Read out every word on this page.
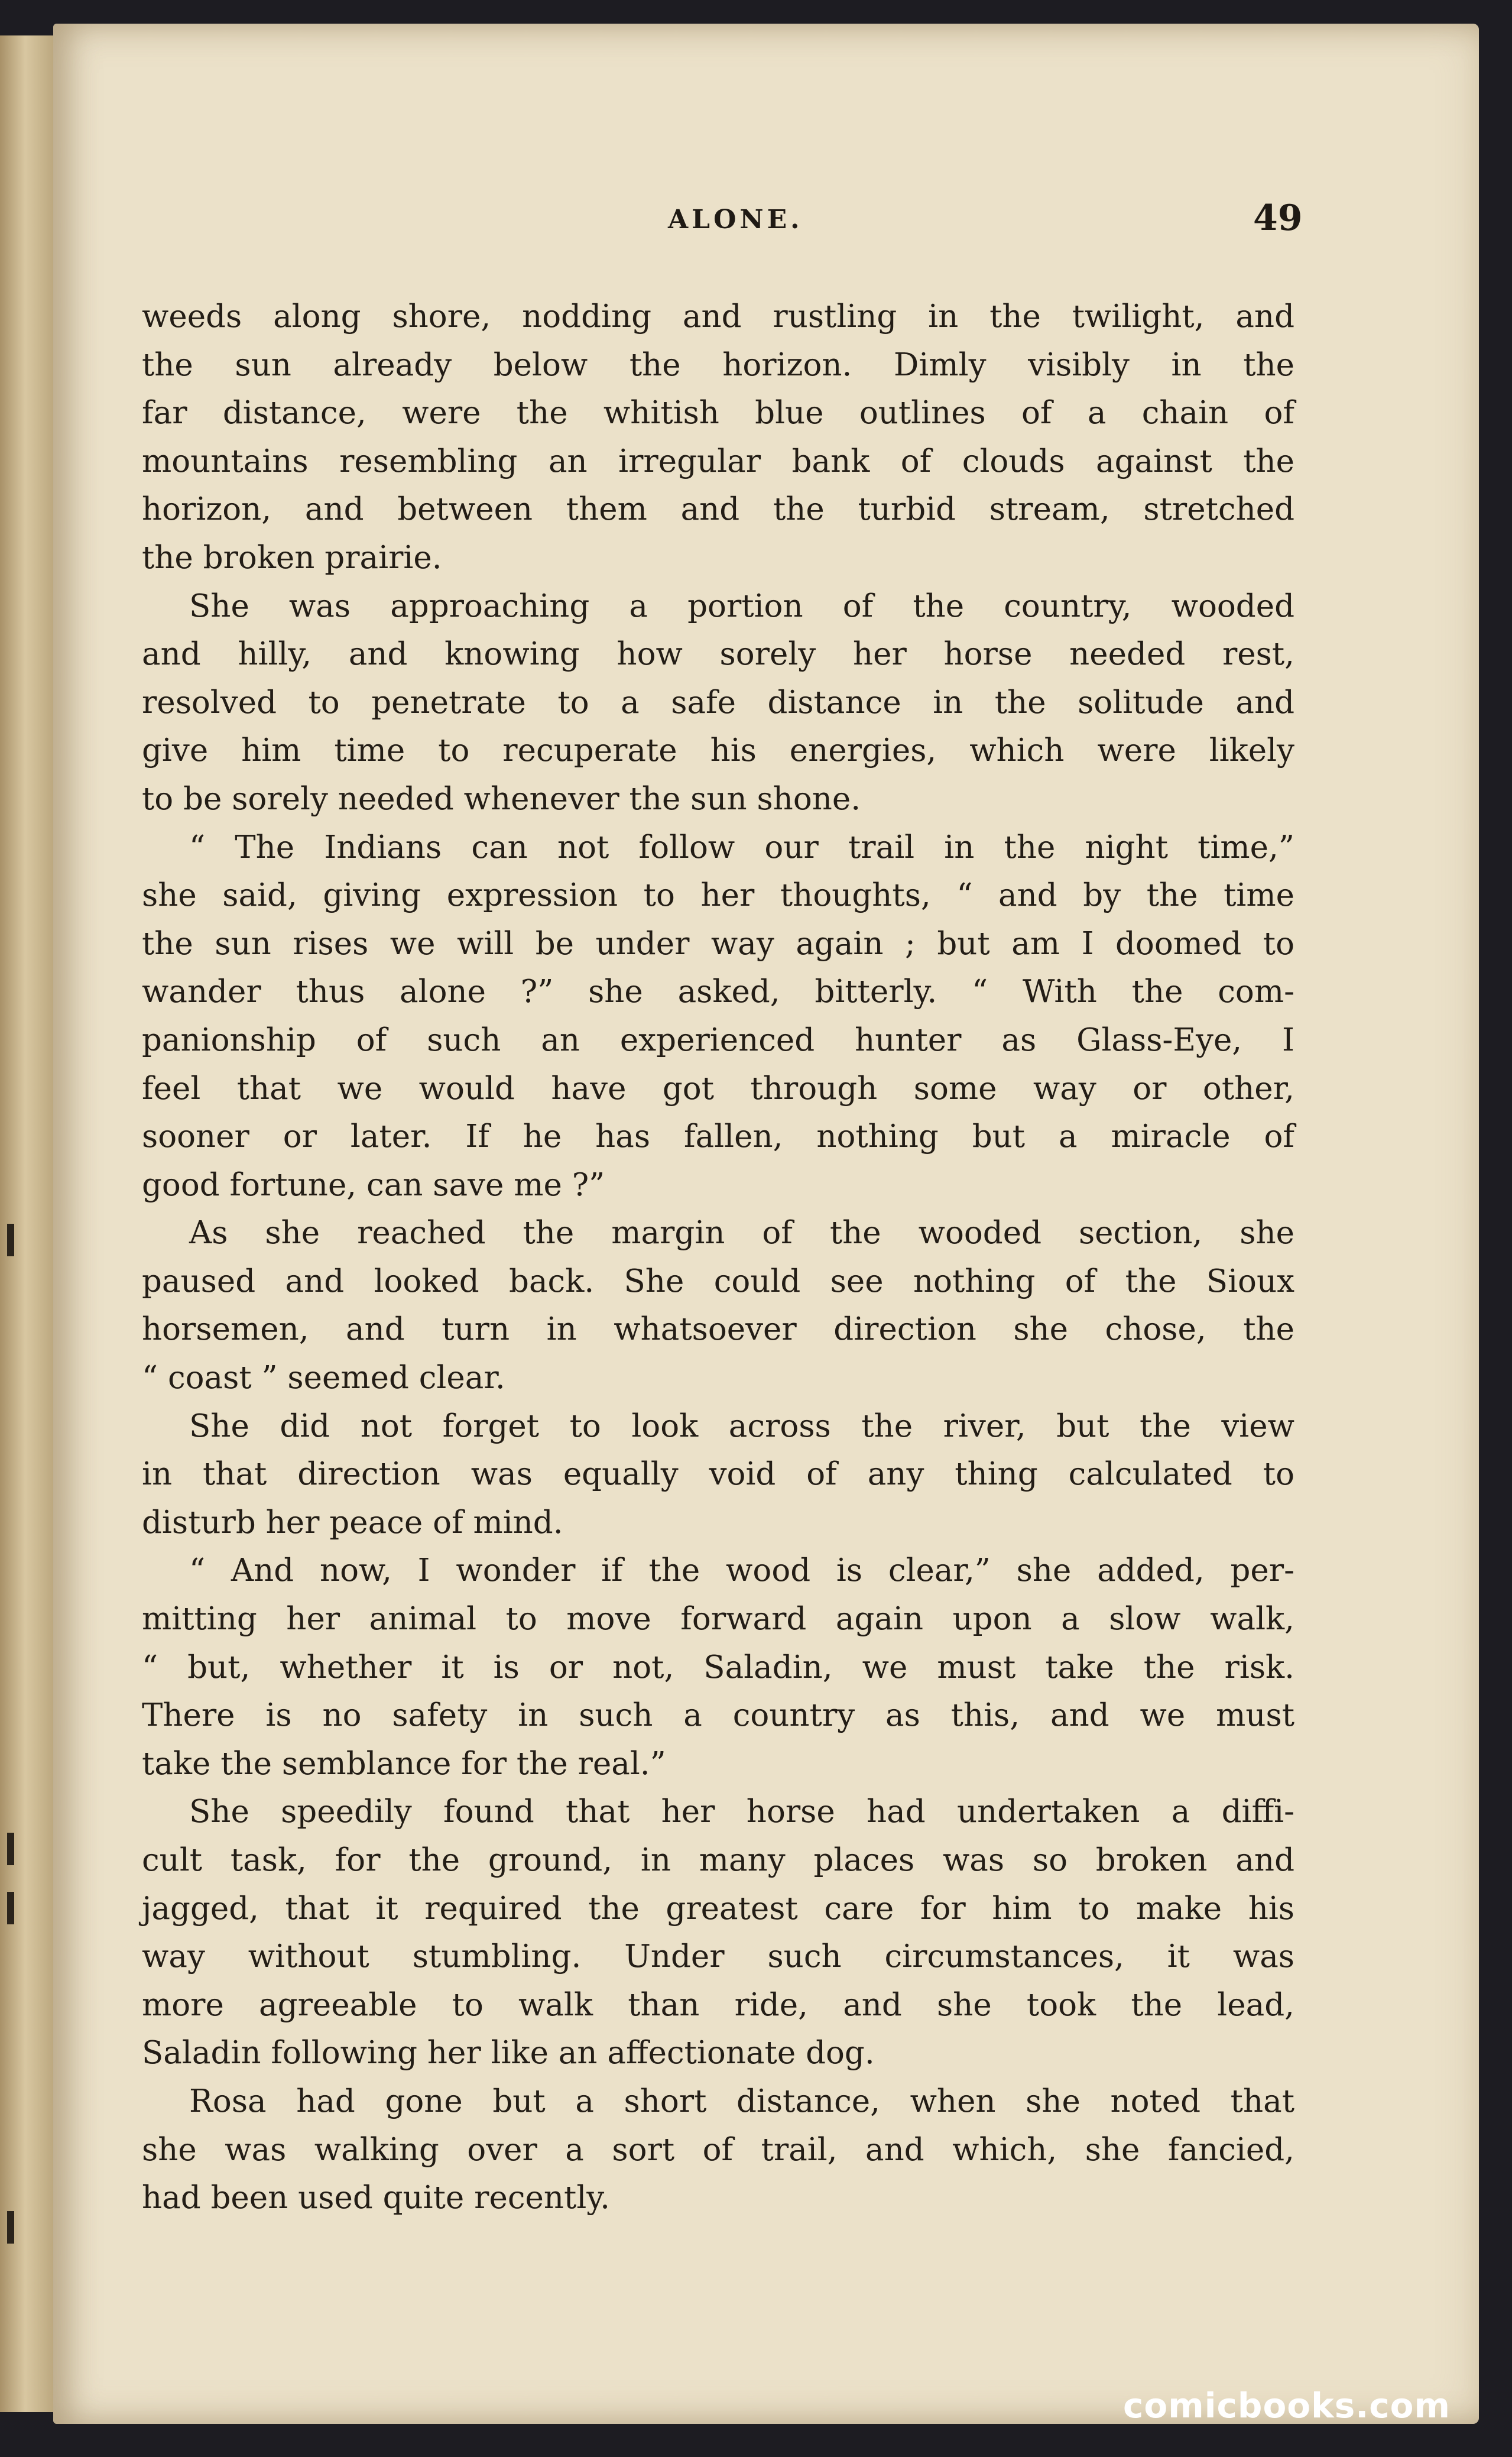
ALONE.	49
weeds along shore, nodding and rustling in the twilight, and
the sun already below the horizon. Dimly visibly in the
far distance, were the whitish blue outlines of a chain of
mountains resembling an irregular bank of clouds against the
horizon, and between them and the turbid stream, stretched
the broken prairie.
She was approaching a portion of the country, wooded
and hilly, and knowing how sorely her horse needed rest,
resolved to penetrate to a safe distance in the solitude and
give him time to recuperate his energies, which were likely
to be sorely needed whenever the sun shone.
“ The Indians can not follow our trail in the night time,”
she said, giving expression to her thoughts, “ and by the time
the sun rises we will be under way again ; but am I doomed to
wander thus alone ?” she asked, bitterly. “ With the com-
panionship of such an experienced hunter as Glass-Eye, I
feel that we would have got through some way or other,
sooner or later. If he has fallen, nothing but a miracle of
good fortune, can save me ?”
As she reached the margin of the wooded section, she
paused and looked back. She could see nothing of the Sioux
horsemen, and turn in whatsoever direction she chose, the
“ coast ” seemed clear.
She did not forget to look across the river, but the view
in that direction was equally void of any thing calculated to
disturb her peace of mind.
“ And now, I wonder if the wood is clear,” she added, per-
mitting her animal to move forward again upon a slow walk,
“ but, whether it is or not, Saladin, we must take the risk.
There is no safety in such a country as this, and we must
take the semblance for the real.”
She speedily found that her horse had undertaken a diffi-
cult task, for the ground, in many places was so broken and
jagged, that it required the greatest care for him to make his
way without stumbling. Under such circumstances, it was
more agreeable to walk than ride, and she took the lead,
Saladin following her like an affectionate dog.
Rosa had gone but a short distance, when she noted that
she was walking over a sort of trail, and which, she fancied,
had been used quite recently.
comicbooks.com
